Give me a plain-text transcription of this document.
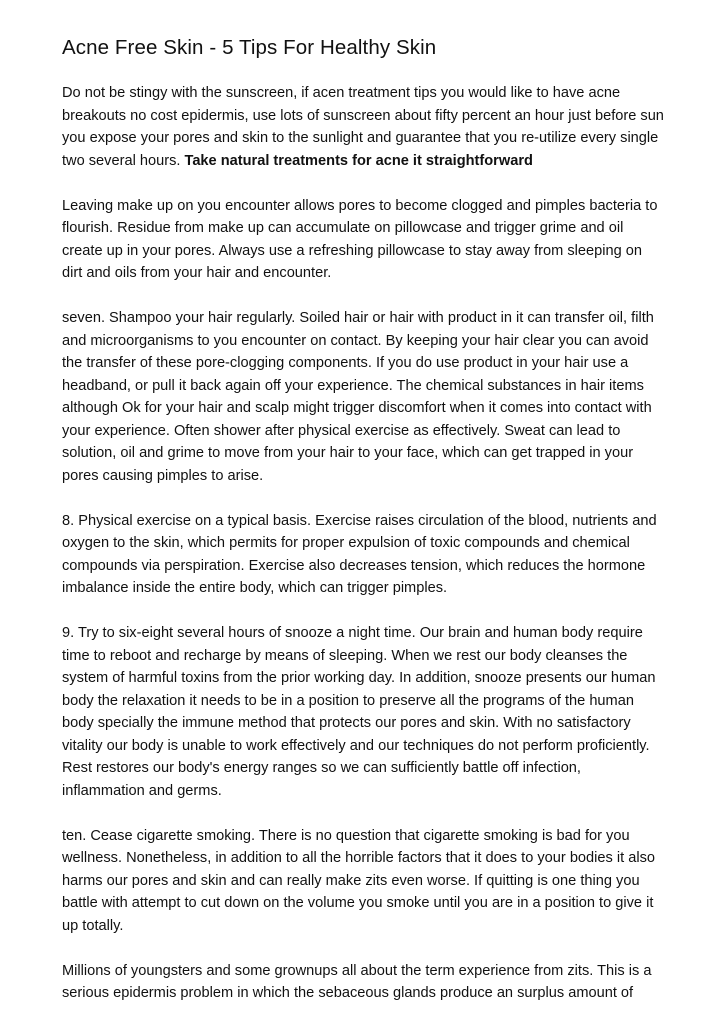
Acne Free Skin - 5 Tips For Healthy Skin
Do not be stingy with the sunscreen, if acen treatment tips you would like to have acne
breakouts no cost epidermis, use lots of sunscreen about fifty percent an hour just before sun
you expose your pores and skin to the sunlight and guarantee that you re-utilize every single
two several hours. Take natural treatments for acne it straightforward
Leaving make up on you encounter allows pores to become clogged and pimples bacteria to
flourish. Residue from make up can accumulate on pillowcase and trigger grime and oil
create up in your pores. Always use a refreshing pillowcase to stay away from sleeping on
dirt and oils from your hair and encounter.
seven. Shampoo your hair regularly. Soiled hair or hair with product in it can transfer oil, filth
and microorganisms to you encounter on contact. By keeping your hair clear you can avoid
the transfer of these pore-clogging components. If you do use product in your hair use a
headband, or pull it back again off your experience. The chemical substances in hair items
although Ok for your hair and scalp might trigger discomfort when it comes into contact with
your experience. Often shower after physical exercise as effectively. Sweat can lead to
solution, oil and grime to move from your hair to your face, which can get trapped in your
pores causing pimples to arise.
8. Physical exercise on a typical basis. Exercise raises circulation of the blood, nutrients and
oxygen to the skin, which permits for proper expulsion of toxic compounds and chemical
compounds via perspiration. Exercise also decreases tension, which reduces the hormone
imbalance inside the entire body, which can trigger pimples.
9. Try to six-eight several hours of snooze a night time. Our brain and human body require
time to reboot and recharge by means of sleeping. When we rest our body cleanses the
system of harmful toxins from the prior working day. In addition, snooze presents our human
body the relaxation it needs to be in a position to preserve all the programs of the human
body specially the immune method that protects our pores and skin. With no satisfactory
vitality our body is unable to work effectively and our techniques do not perform proficiently.
Rest restores our body's energy ranges so we can sufficiently battle off infection,
inflammation and germs.
ten. Cease cigarette smoking. There is no question that cigarette smoking is bad for you
wellness. Nonetheless, in addition to all the horrible factors that it does to your bodies it also
harms our pores and skin and can really make zits even worse. If quitting is one thing you
battle with attempt to cut down on the volume you smoke until you are in a position to give it
up totally.
Millions of youngsters and some grownups all about the term experience from zits. This is a
serious epidermis problem in which the sebaceous glands produce an surplus amount of
